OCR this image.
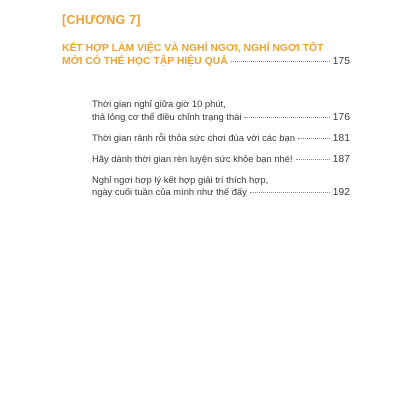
[CHƯƠNG 7]
KẾT HỢP LÀM VIỆC VÀ NGHỈ NGƠI, NGHỈ NGƠI TỐT
MỚI CÓ THỂ HỌC TẬP HIỆU QUẢ	175
Thời gian nghỉ giữa giờ 10 phút,
thả lỏng cơ thể điều chỉnh trạng thái	176
Thời gian rảnh rỗi thỏa sức chơi đùa với các bạn	181
Hãy dành thời gian rèn luyện sức khỏe bạn nhé!	187
Nghỉ ngơi hợp lý kết hợp giải trí thích hợp,
ngày cuối tuần của mình như thế đấy	192
